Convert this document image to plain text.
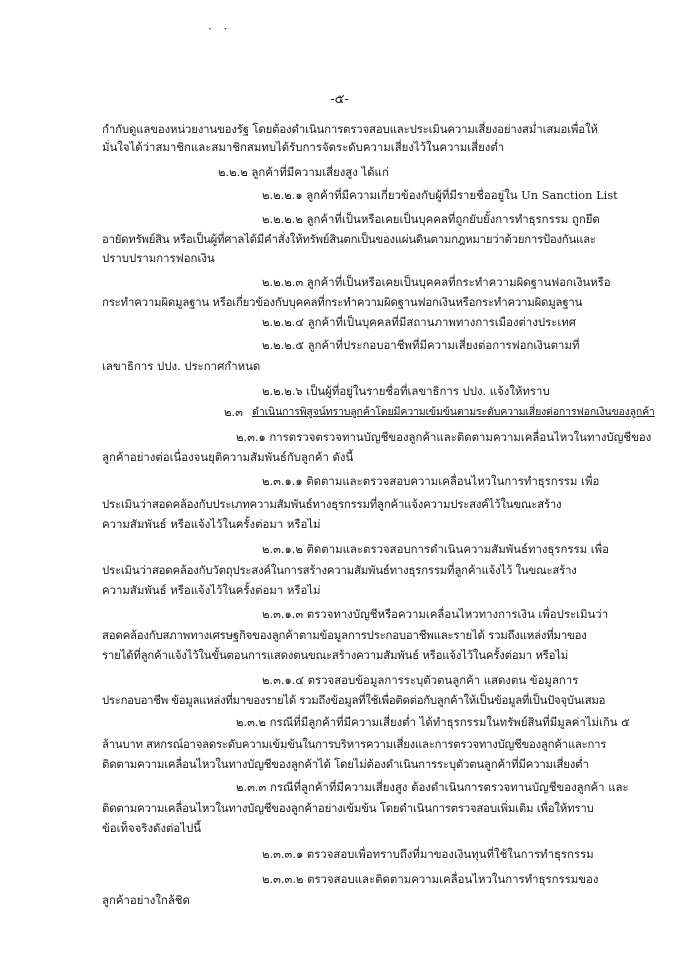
· ·
-๕-
กำกับดูแลของหน่วยงานของรัฐ โดยต้องดำเนินการตรวจสอบและประเมินความเสี่ยงอย่างสม่ำเสมอเพื่อให้
มั่นใจได้ว่าสมาชิกและสมาชิกสมทบได้รับการจัดระดับความเสี่ยงไว้ในความเสี่ยงต่ำ
๒.๒.๒ ลูกค้าที่มีความเสี่ยงสูง ได้แก่
๒.๒.๒.๑ ลูกค้าที่มีความเกี่ยวข้องกับผู้ที่มีรายชื่ออยู่ใน Un Sanction List
๒.๒.๒.๒ ลูกค้าที่เป็นหรือเคยเป็นบุคคลที่ถูกยับยั้งการทำธุรกรรม ถูกยึด
อายัดทรัพย์สิน หรือเป็นผู้ที่ศาลได้มีคำสั่งให้ทรัพย์สินตกเป็นของแผ่นดินตามกฎหมายว่าด้วยการป้องกันและ
ปราบปรามการฟอกเงิน
๒.๒.๒.๓ ลูกค้าที่เป็นหรือเคยเป็นบุคคลที่กระทำความผิดฐานฟอกเงินหรือ
กระทำความผิดมูลฐาน หรือเกี่ยวข้องกับบุคคลที่กระทำความผิดฐานฟอกเงินหรือกระทำความผิดมูลฐาน
๒.๒.๒.๔ ลูกค้าที่เป็นบุคคลที่มีสถานภาพทางการเมืองต่างประเทศ
๒.๒.๒.๕ ลูกค้าที่ประกอบอาชีพที่มีความเสี่ยงต่อการฟอกเงินตามที่
เลขาธิการ ปปง. ประกาศกำหนด
๒.๒.๒.๖ เป็นผู้ที่อยู่ในรายชื่อที่เลขาธิการ ปปง. แจ้งให้ทราบ
๒.๓ ดำเนินการพิสูจน์ทราบลูกค้าโดยมีความเข้มข้นตามระดับความเสี่ยงต่อการฟอกเงินของลูกค้า
๒.๓.๑ การตรวจตรวจทานบัญชีของลูกค้าและติดตามความเคลื่อนไหวในทางบัญชีของ
ลูกค้าอย่างต่อเนื่องจนยุติความสัมพันธ์กับลูกค้า ดังนี้
๒.๓.๑.๑ ติดตามและตรวจสอบความเคลื่อนไหวในการทำธุรกรรม เพื่อ
ประเมินว่าสอดคล้องกับประเภทความสัมพันธ์ทางธุรกรรมที่ลูกค้าแจ้งความประสงค์ไว้ในขณะสร้าง
ความสัมพันธ์ หรือแจ้งไว้ในครั้งต่อมา หรือไม่
๒.๓.๑.๒ ติดตามและตรวจสอบการดำเนินความสัมพันธ์ทางธุรกรรม เพื่อ
ประเมินว่าสอดคล้องกับวัตถุประสงค์ในการสร้างความสัมพันธ์ทางธุรกรรมที่ลูกค้าแจ้งไว้ ในขณะสร้าง
ความสัมพันธ์ หรือแจ้งไว้ในครั้งต่อมา หรือไม่
๒.๓.๑.๓ ตรวจทางบัญชีหรือความเคลื่อนไหวทางการเงิน เพื่อประเมินว่า
สอดคล้องกับสภาพทางเศรษฐกิจของลูกค้าตามข้อมูลการประกอบอาชีพและรายได้ รวมถึงแหล่งที่มาของ
รายได้ที่ลูกค้าแจ้งไว้ในขั้นตอนการแสดงตนขณะสร้างความสัมพันธ์ หรือแจ้งไว้ในครั้งต่อมา หรือไม่
๒.๓.๑.๔ ตรวจสอบข้อมูลการระบุตัวตนลูกค้า แสดงตน ข้อมูลการ
ประกอบอาชีพ ข้อมูลแหล่งที่มาของรายได้ รวมถึงข้อมูลที่ใช้เพื่อติดต่อกับลูกค้าให้เป็นข้อมูลที่เป็นปัจจุบันเสมอ
๒.๓.๒ กรณีที่มีลูกค้าที่มีความเสี่ยงต่ำ ได้ทำธุรกรรมในทรัพย์สินที่มีมูลค่าไม่เกิน ๕
ล้านบาท สหกรณ์อาจลดระดับความเข้มข้นในการบริหารความเสี่ยงและการตรวจทางบัญชีของลูกค้าและการ
ติดตามความเคลื่อนไหวในทางบัญชีของลูกค้าได้ โดยไม่ต้องดำเนินการระบุตัวตนลูกค้าที่มีความเสี่ยงต่ำ
๒.๓.๓ กรณีที่ลูกค้าที่มีความเสี่ยงสูง ต้องดำเนินการตรวจทานบัญชีของลูกค้า และ
ติดตามความเคลื่อนไหวในทางบัญชีของลูกค้าอย่างเข้มข้น โดยดำเนินการตรวจสอบเพิ่มเติม เพื่อให้ทราบ
ข้อเท็จจริงดังต่อไปนี้
๒.๓.๓.๑ ตรวจสอบเพื่อทราบถึงที่มาของเงินทุนที่ใช้ในการทำธุรกรรม
๒.๓.๓.๒ ตรวจสอบและติดตามความเคลื่อนไหวในการทำธุรกรรมของ
ลูกค้าอย่างใกล้ชิด
